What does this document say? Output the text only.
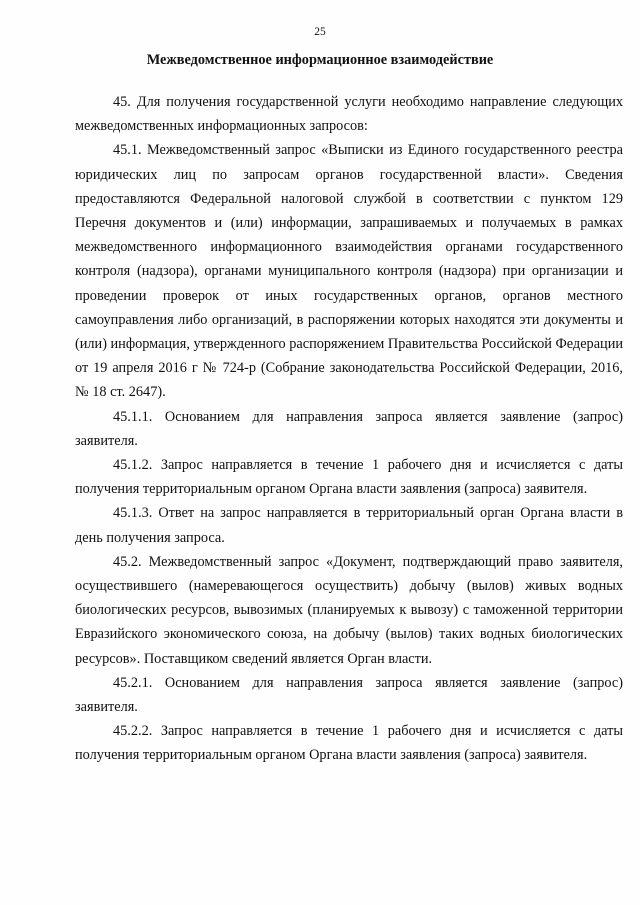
25
Межведомственное информационное взаимодействие

45. Для получения государственной услуги необходимо направление следующих межведомственных информационных запросов:

45.1. Межведомственный запрос «Выписки из Единого государственного реестра юридических лиц по запросам органов государственной власти». Сведения предоставляются Федеральной налоговой службой в соответствии с пунктом 129 Перечня документов и (или) информации, запрашиваемых и получаемых в рамках межведомственного информационного взаимодействия органами государственного контроля (надзора), органами муниципального контроля (надзора) при организации и проведении проверок от иных государственных органов, органов местного самоуправления либо организаций, в распоряжении которых находятся эти документы и (или) информация, утвержденного распоряжением Правительства Российской Федерации от 19 апреля 2016 г № 724-р (Собрание законодательства Российской Федерации, 2016, № 18 ст. 2647).

45.1.1. Основанием для направления запроса является заявление (запрос) заявителя.

45.1.2. Запрос направляется в течение 1 рабочего дня и исчисляется с даты получения территориальным органом Органа власти заявления (запроса) заявителя.

45.1.3. Ответ на запрос направляется в территориальный орган Органа власти в день получения запроса.

45.2. Межведомственный запрос «Документ, подтверждающий право заявителя, осуществившего (намеревающегося осуществить) добычу (вылов) живых водных биологических ресурсов, вывозимых (планируемых к вывозу) с таможенной территории Евразийского экономического союза, на добычу (вылов) таких водных биологических ресурсов». Поставщиком сведений является Орган власти.

45.2.1. Основанием для направления запроса является заявление (запрос) заявителя.

45.2.2. Запрос направляется в течение 1 рабочего дня и исчисляется с даты получения территориальным органом Органа власти заявления (запроса) заявителя.
